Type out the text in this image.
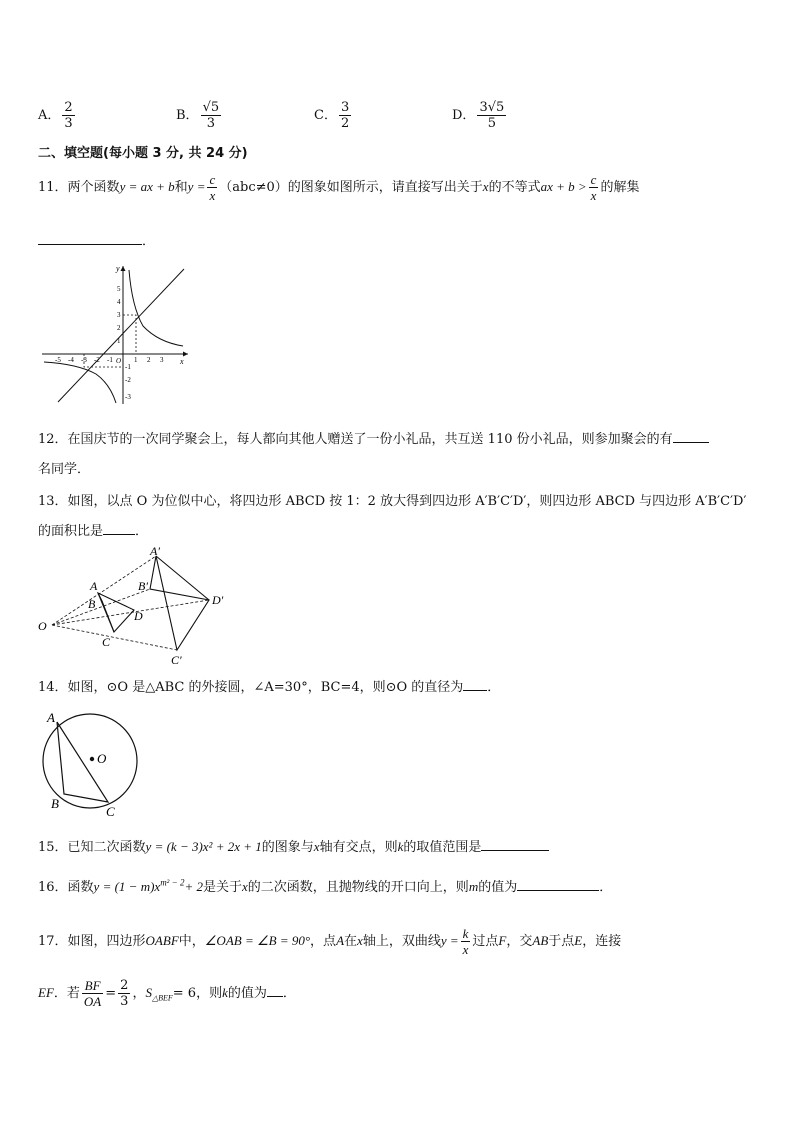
A． $\frac{2}{3}$	B． $\frac{√5}{3}$	C． $\frac{3}{2}$	D． $\frac{3√5}{5}$
二、填空题(每小题 3 分, 共 24 分)
11．两个函数y = ax + b和$y = \frac{c}{x} (abc\ne 0)$的图象如图所示，请直接写出关于x的不等式ax + $b > \frac{c}{x}$ 的解集
．
x
y
O
-5 -4 -3 -2 -1	1 2 3
1
2
3
4
5
-1
-2
-3
12．在国庆节的一次同学聚会上，每人都向其他人赠送了一份小礼品，共互送 110 份小礼品，则参加聚会的有
名同学．
13．如图，以点 O 为位似中心，将四边形 ABCD 按 1：2 放大得到四边形 A′B′C′D′，则四边形 ABCD 与四边形 A′B′C′D′
的面积比是 ．
O
A
B
C
D
A′
B′
C′
D′
14．如图，⊙O 是△ABC 的外接圆，∠A=30°，BC=4，则⊙O 的直径为 ．
A
B
C
O
15．已知二次函数y = (k − 3)x² + 2x + 1的图象与x轴有交点，则k的取值范围是
16．函数$y = (1 - m)x^{m^2 - 2}+ 2$是关于x的二次函数，且抛物线的开口向上，则m的值为	．
17．如图，四边形OABF中，∠OAB = ∠B = 90°，点A在x轴上，双曲线$y = \frac{k}{x}$ 过点F，交AB于点E，连接
EF．若 $\frac{BF}{OA} = \frac{2}{3}$ ，$S_{\triangle BEF}= 6$，则k的值为 ．
